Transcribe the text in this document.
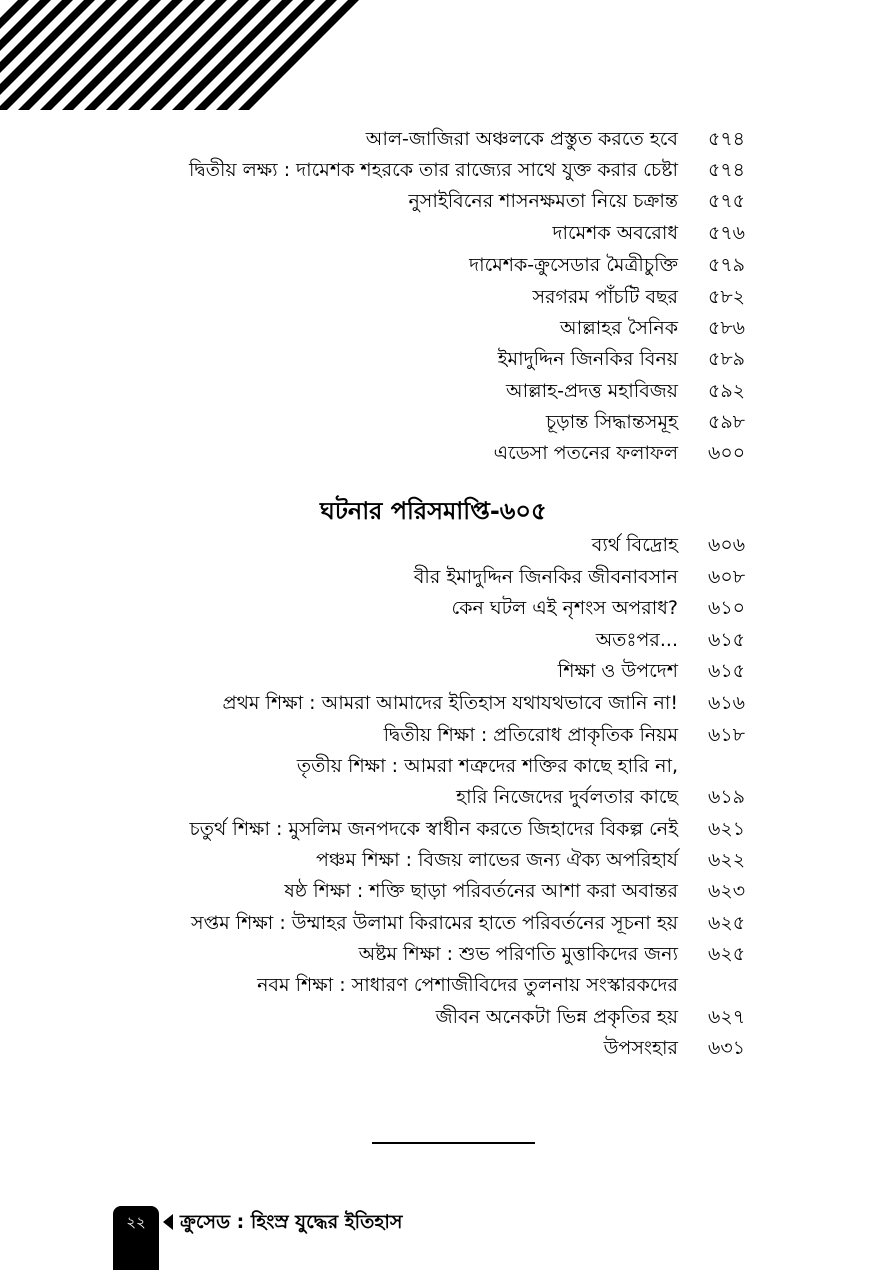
আল-জাজিরা অঞ্চলকে প্রস্তুত করতে হবে ৫৭৪
দ্বিতীয় লক্ষ্য : দামেশক শহরকে তার রাজ্যের সাথে যুক্ত করার চেষ্টা ৫৭৪
নুসাইবিনের শাসনক্ষমতা নিয়ে চক্রান্ত ৫৭৫
দামেশক অবরোধ ৫৭৬
দামেশক-ক্রুসেডার মৈত্রীচুক্তি ৫৭৯
সরগরম পাঁচটি বছর ৫৮২
আল্লাহর সৈনিক ৫৮৬
ইমাদুদ্দিন জিনকির বিনয় ৫৮৯
আল্লাহ-প্রদত্ত মহাবিজয় ৫৯২
চূড়ান্ত সিদ্ধান্তসমূহ ৫৯৮
এডেসা পতনের ফলাফল ৬০০
ঘটনার পরিসমাপ্তি-৬০৫
ব্যর্থ বিদ্রোহ ৬০৬
বীর ইমাদুদ্দিন জিনকির জীবনাবসান ৬০৮
কেন ঘটল এই নৃশংস অপরাধ? ৬১০
অতঃপর... ৬১৫
শিক্ষা ও উপদেশ ৬১৫
প্রথম শিক্ষা : আমরা আমাদের ইতিহাস যথাযথভাবে জানি না! ৬১৬
দ্বিতীয় শিক্ষা : প্রতিরোধ প্রাকৃতিক নিয়ম ৬১৮
তৃতীয় শিক্ষা : আমরা শত্রুদের শক্তির কাছে হারি না,
হারি নিজেদের দুর্বলতার কাছে ৬১৯
চতুর্থ শিক্ষা : মুসলিম জনপদকে স্বাধীন করতে জিহাদের বিকল্প নেই ৬২১
পঞ্চম শিক্ষা : বিজয় লাভের জন্য ঐক্য অপরিহার্য ৬২২
ষষ্ঠ শিক্ষা : শক্তি ছাড়া পরিবর্তনের আশা করা অবান্তর ৬২৩
সপ্তম শিক্ষা : উম্মাহর উলামা কিরামের হাতে পরিবর্তনের সূচনা হয় ৬২৫
অষ্টম শিক্ষা : শুভ পরিণতি মুত্তাকিদের জন্য ৬২৫
নবম শিক্ষা : সাধারণ পেশাজীবিদের তুলনায় সংস্কারকদের
জীবন অনেকটা ভিন্ন প্রকৃতির হয় ৬২৭
উপসংহার ৬৩১
২২	ক্রুসেড : হিংস্র যুদ্ধের ইতিহাস
